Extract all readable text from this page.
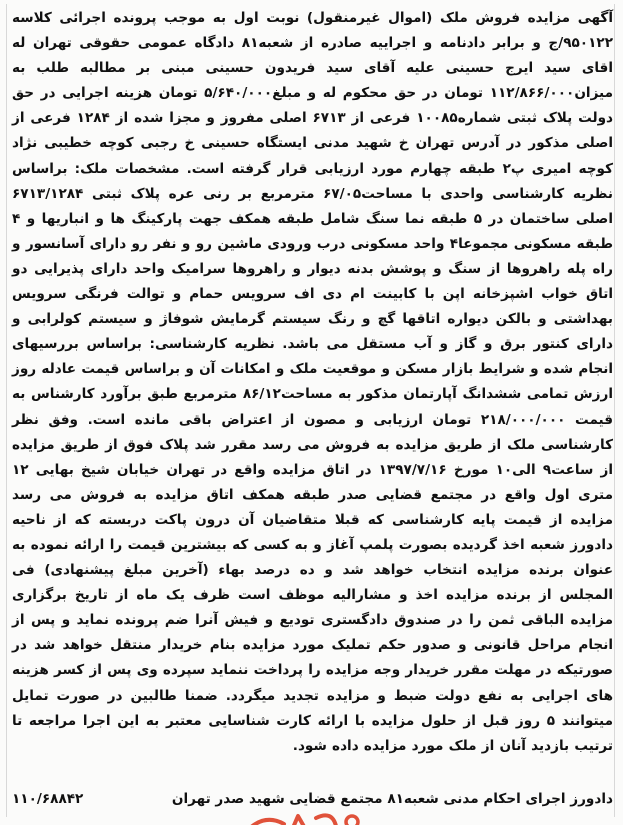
آگهی مزایده فروش ملک (اموال غیرمنقول) نوبت اول به موجب پرونده اجرائی کلاسه ۹۵۰۱۲۲/ج و برابر دادنامه و اجراییه صادره از شعبه۸۱ دادگاه عمومی حقوقی تهران له اقای سید ایرج حسینی علیه آقای سید فریدون حسینی مبنی بر مطالبه طلب به میزان۱۱۲/۸۶۶/۰۰۰ تومان در حق محکوم له و مبلغ۵/۶۴۰/۰۰۰ تومان هزینه اجرایی در حق دولت پلاک ثبتی شماره۱۰۰۸۵ فرعی از ۶۷۱۳ اصلی مفروز و مجزا شده از ۱۲۸۴ فرعی از اصلی مذکور در آدرس تهران خ شهید مدنی ایستگاه حسینی خ رجبی کوچه خطیبی نژاد کوچه امیری پ۲ طبقه چهارم مورد ارزیابی قرار گرفته است. مشخصات ملک: براساس نظریه کارشناسی واحدی با مساحت۶۷/۰۵ مترمربع بر رنی عره پلاک ثبتی ۶۷۱۳/۱۲۸۴ اصلی ساختمان در ۵ طبقه نما سنگ شامل طبقه همکف جهت پارکینگ ها و انباریها و ۴ طبقه مسکونی مجموعا۴ واحد مسکونی درب ورودی ماشین رو و نفر رو دارای آسانسور و راه پله راهروها از سنگ و پوشش بدنه دیوار و راهروها سرامیک واحد دارای پذیرایی دو اتاق خواب اشپزخانه اپن با کابینت ام دی اف سرویس حمام و توالت فرنگی سرویس بهداشتی و بالکن دیواره اتاقها گچ و رنگ سیستم گرمایش شوفاژ و سیستم کولرابی و دارای کنتور برق و گاز و آب مستقل می باشد. نظریه کارشناسی: براساس بررسیهای انجام شده و شرایط بازار مسکن و موقعیت ملک و امکانات آن و براساس قیمت عادله روز ارزش تمامی ششدانگ آپارتمان مذکور به مساحت۸۶/۱۲ مترمربع طبق برآورد کارشناس به قیمت ۲۱۸/۰۰۰/۰۰۰ تومان ارزیابی و مصون از اعتراض باقی مانده است. وفق نظر کارشناسی ملک از طریق مزایده به فروش می رسد مقرر شد پلاک فوق از طریق مزایده از ساعت۹ الی۱۰ مورخ ۱۳۹۷/۷/۱۶ در اتاق مزایده واقع در تهران خیابان شیخ بهایی ۱۲ متری اول واقع در مجتمع قضایی صدر طبقه همکف اتاق مزایده به فروش می رسد مزایده از قیمت پایه کارشناسی که قبلا متقاضیان آن درون پاکت دربسته که از ناحیه دادورز شعبه اخذ گردیده بصورت پلمپ آغاز و به کسی که بیشترین قیمت را ارائه نموده به عنوان برنده مزایده انتخاب خواهد شد و ده درصد بهاء (آخرین مبلغ پیشنهادی) فی المجلس از برنده مزایده اخذ و مشارالیه موظف است ظرف یک ماه از تاریخ برگزاری مزایده الباقی ثمن را در صندوق دادگستری تودیع و فیش آنرا ضم پرونده نماید و پس از انجام مراحل قانونی و صدور حکم تملیک مورد مزایده بنام خریدار منتقل خواهد شد در صورتیکه در مهلت مقرر خریدار وجه مزایده را پرداخت ننماید سپرده وی پس از کسر هزینه های اجرایی به نفع دولت ضبط و مزایده تجدید میگردد. ضمنا طالبین در صورت تمایل میتوانند ۵ روز قبل از حلول مزایده با ارائه کارت شناسایی معتبر به این اجرا مراجعه تا ترتیب بازدید آنان از ملک مورد مزایده داده شود.

دادورز اجرای احکام مدنی شعبه۸۱ مجتمع قضایی شهید صدر تهران
۱۱۰/۶۸۸۴۲
